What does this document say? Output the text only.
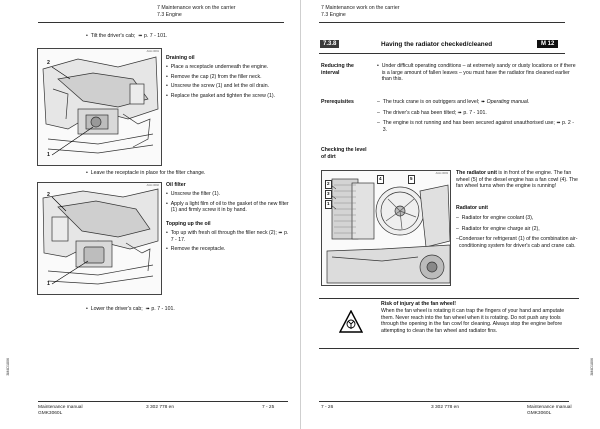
7 Maintenance work on the carrier
7.3 Engine
•  Tilt the driver's cab;  ➠ p. 7 - 101.
AGIJ-0091
2
1
Draining oil
•  Place a receptacle underneath the engine.
•  Remove the cap (2) from the filler neck.
•  Unscrew the screw (1) and let the oil drain.
•  Replace the gasket and tighten the screw (1).
•  Leave the receptacle in place for the filter change.
AGIJ-0092
2
1
Oil filter
•  Unscrew the filter (1).
• Apply a light film of oil to the gasket of the new filter (1) and firmly screw it in by hand.
Topping up the oil
• Top up with fresh oil through the filler neck (2); ➠ p. 7 - 17.
•  Remove the receptacle.
•  Lower the driver's cab;  ➠ p. 7 - 101.
3M4D1806
Maintenance manual
GMK3060L
3 302 778 en	7 - 25
7 Maintenance work on the carrier
7.3 Engine
7.3.8	Having the radiator checked/cleaned	M 12
Reducing the interval
• Under difficult operating conditions – at extremely sandy or dusty locations or if there is a large amount of fallen leaves – you must have the radiator fins cleaned earlier than this.
Prerequisites	–  The truck crane is on outriggers and level; ➠ Operating manual.
–  The driver's cab has been tilted; ➠ p. 7 - 101.
–
The engine is not running and has been secured against unauthorised use; ➠ p. 2 - 3.
Checking the level of dirt
AGIJ-0093
2
3
1
4	5
The radiator unit is in front of the engine. The fan wheel (5) of the diesel engine has a fan cowl (4). The fan wheel turns when the engine is running!
Radiator unit
–  Radiator for engine coolant (3),
–  Radiator for engine charge air (2),
–
Condenser for refrigerant (1) of the combination air-conditioning system for driver's cab and crane cab.
Risk of injury at the fan wheel!
When the fan wheel is rotating it can trap the fingers of your hand and amputate them. Never reach into the fan wheel when it is rotating. Do not push any tools through the opening in the fan cowl for cleaning. Always stop the engine before attempting to clean the fan wheel and radiator fins.
3M4D1806
7 - 26	3 302 778 en	Maintenance manual
GMK3060L
